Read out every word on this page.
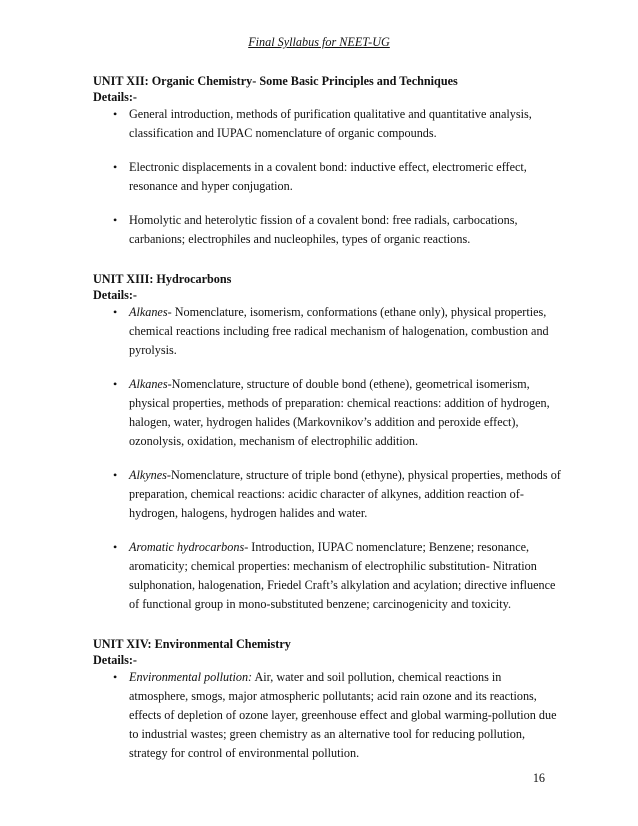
Final Syllabus for NEET-UG
UNIT XII: Organic Chemistry- Some Basic Principles and Techniques
Details:-
• General introduction, methods of purification qualitative and quantitative analysis, classification and IUPAC nomenclature of organic compounds.
• Electronic displacements in a covalent bond: inductive effect, electromeric effect, resonance and hyper conjugation.
• Homolytic and heterolytic fission of a covalent bond: free radials, carbocations, carbanions; electrophiles and nucleophiles, types of organic reactions.
UNIT XIII: Hydrocarbons
Details:-
• Alkanes- Nomenclature, isomerism, conformations (ethane only), physical properties, chemical reactions including free radical mechanism of halogenation, combustion and pyrolysis.
• Alkanes-Nomenclature, structure of double bond (ethene), geometrical isomerism, physical properties, methods of preparation: chemical reactions: addition of hydrogen, halogen, water, hydrogen halides (Markovnikov’s addition and peroxide effect), ozonolysis, oxidation, mechanism of electrophilic addition.
• Alkynes-Nomenclature, structure of triple bond (ethyne), physical properties, methods of preparation, chemical reactions: acidic character of alkynes, addition reaction of- hydrogen, halogens, hydrogen halides and water.
• Aromatic hydrocarbons- Introduction, IUPAC nomenclature; Benzene; resonance, aromaticity; chemical properties: mechanism of electrophilic substitution- Nitration sulphonation, halogenation, Friedel Craft’s alkylation and acylation; directive influence of functional group in mono-substituted benzene; carcinogenicity and toxicity.
UNIT XIV: Environmental Chemistry
Details:-
• Environmental pollution: Air, water and soil pollution, chemical reactions in atmosphere, smogs, major atmospheric pollutants; acid rain ozone and its reactions, effects of depletion of ozone layer, greenhouse effect and global warming-pollution due to industrial wastes; green chemistry as an alternative tool for reducing pollution, strategy for control of environmental pollution.
16
